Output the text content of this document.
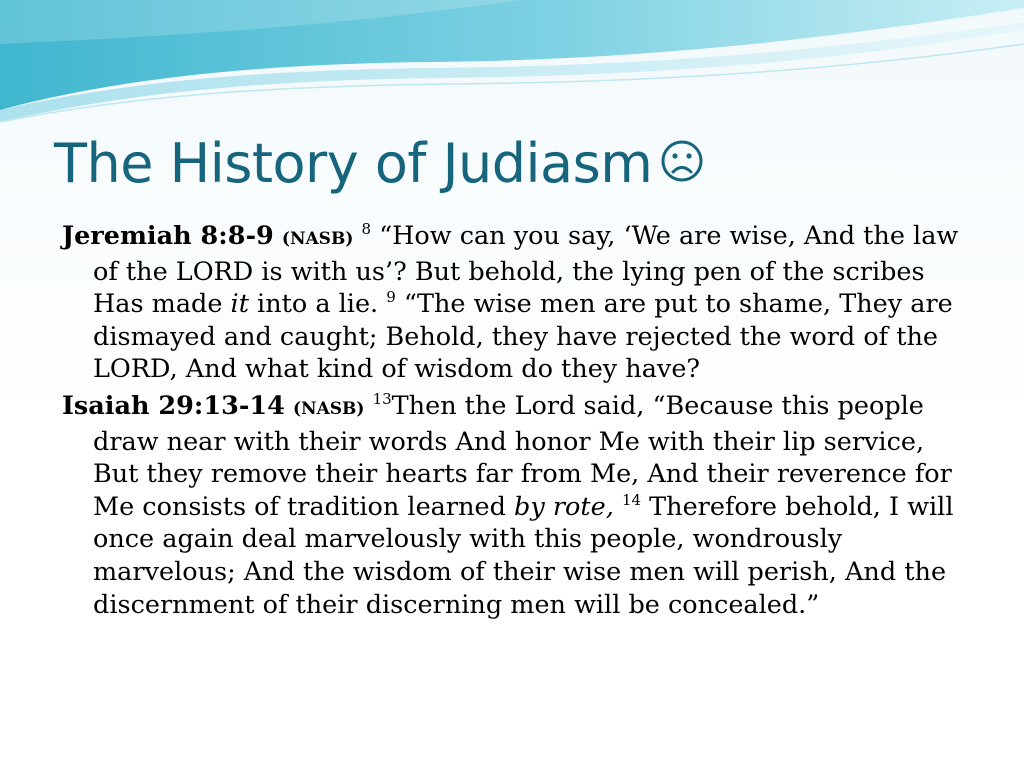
The History of Judiasm

Jeremiah 8:8-9 (NASB) $^8$ “How can you say, ‘We are wise, And the law of the LORD is with us’? But behold, the lying pen of the scribes Has made it into a lie. $^9$ “The wise men are put to shame, They are dismayed and caught; Behold, they have rejected the word of the LORD, And what kind of wisdom do they have?

Isaiah 29:13-14 (NASB) $^{13}$Then the Lord said, “Because this people draw near with their words And honor Me with their lip service, But they remove their hearts far from Me, And their reverence for Me consists of tradition learned by rote, $^{14}$ Therefore behold, I will once again deal marvelously with this people, wondrously marvelous; And the wisdom of their wise men will perish, And the discernment of their discerning men will be concealed.”
